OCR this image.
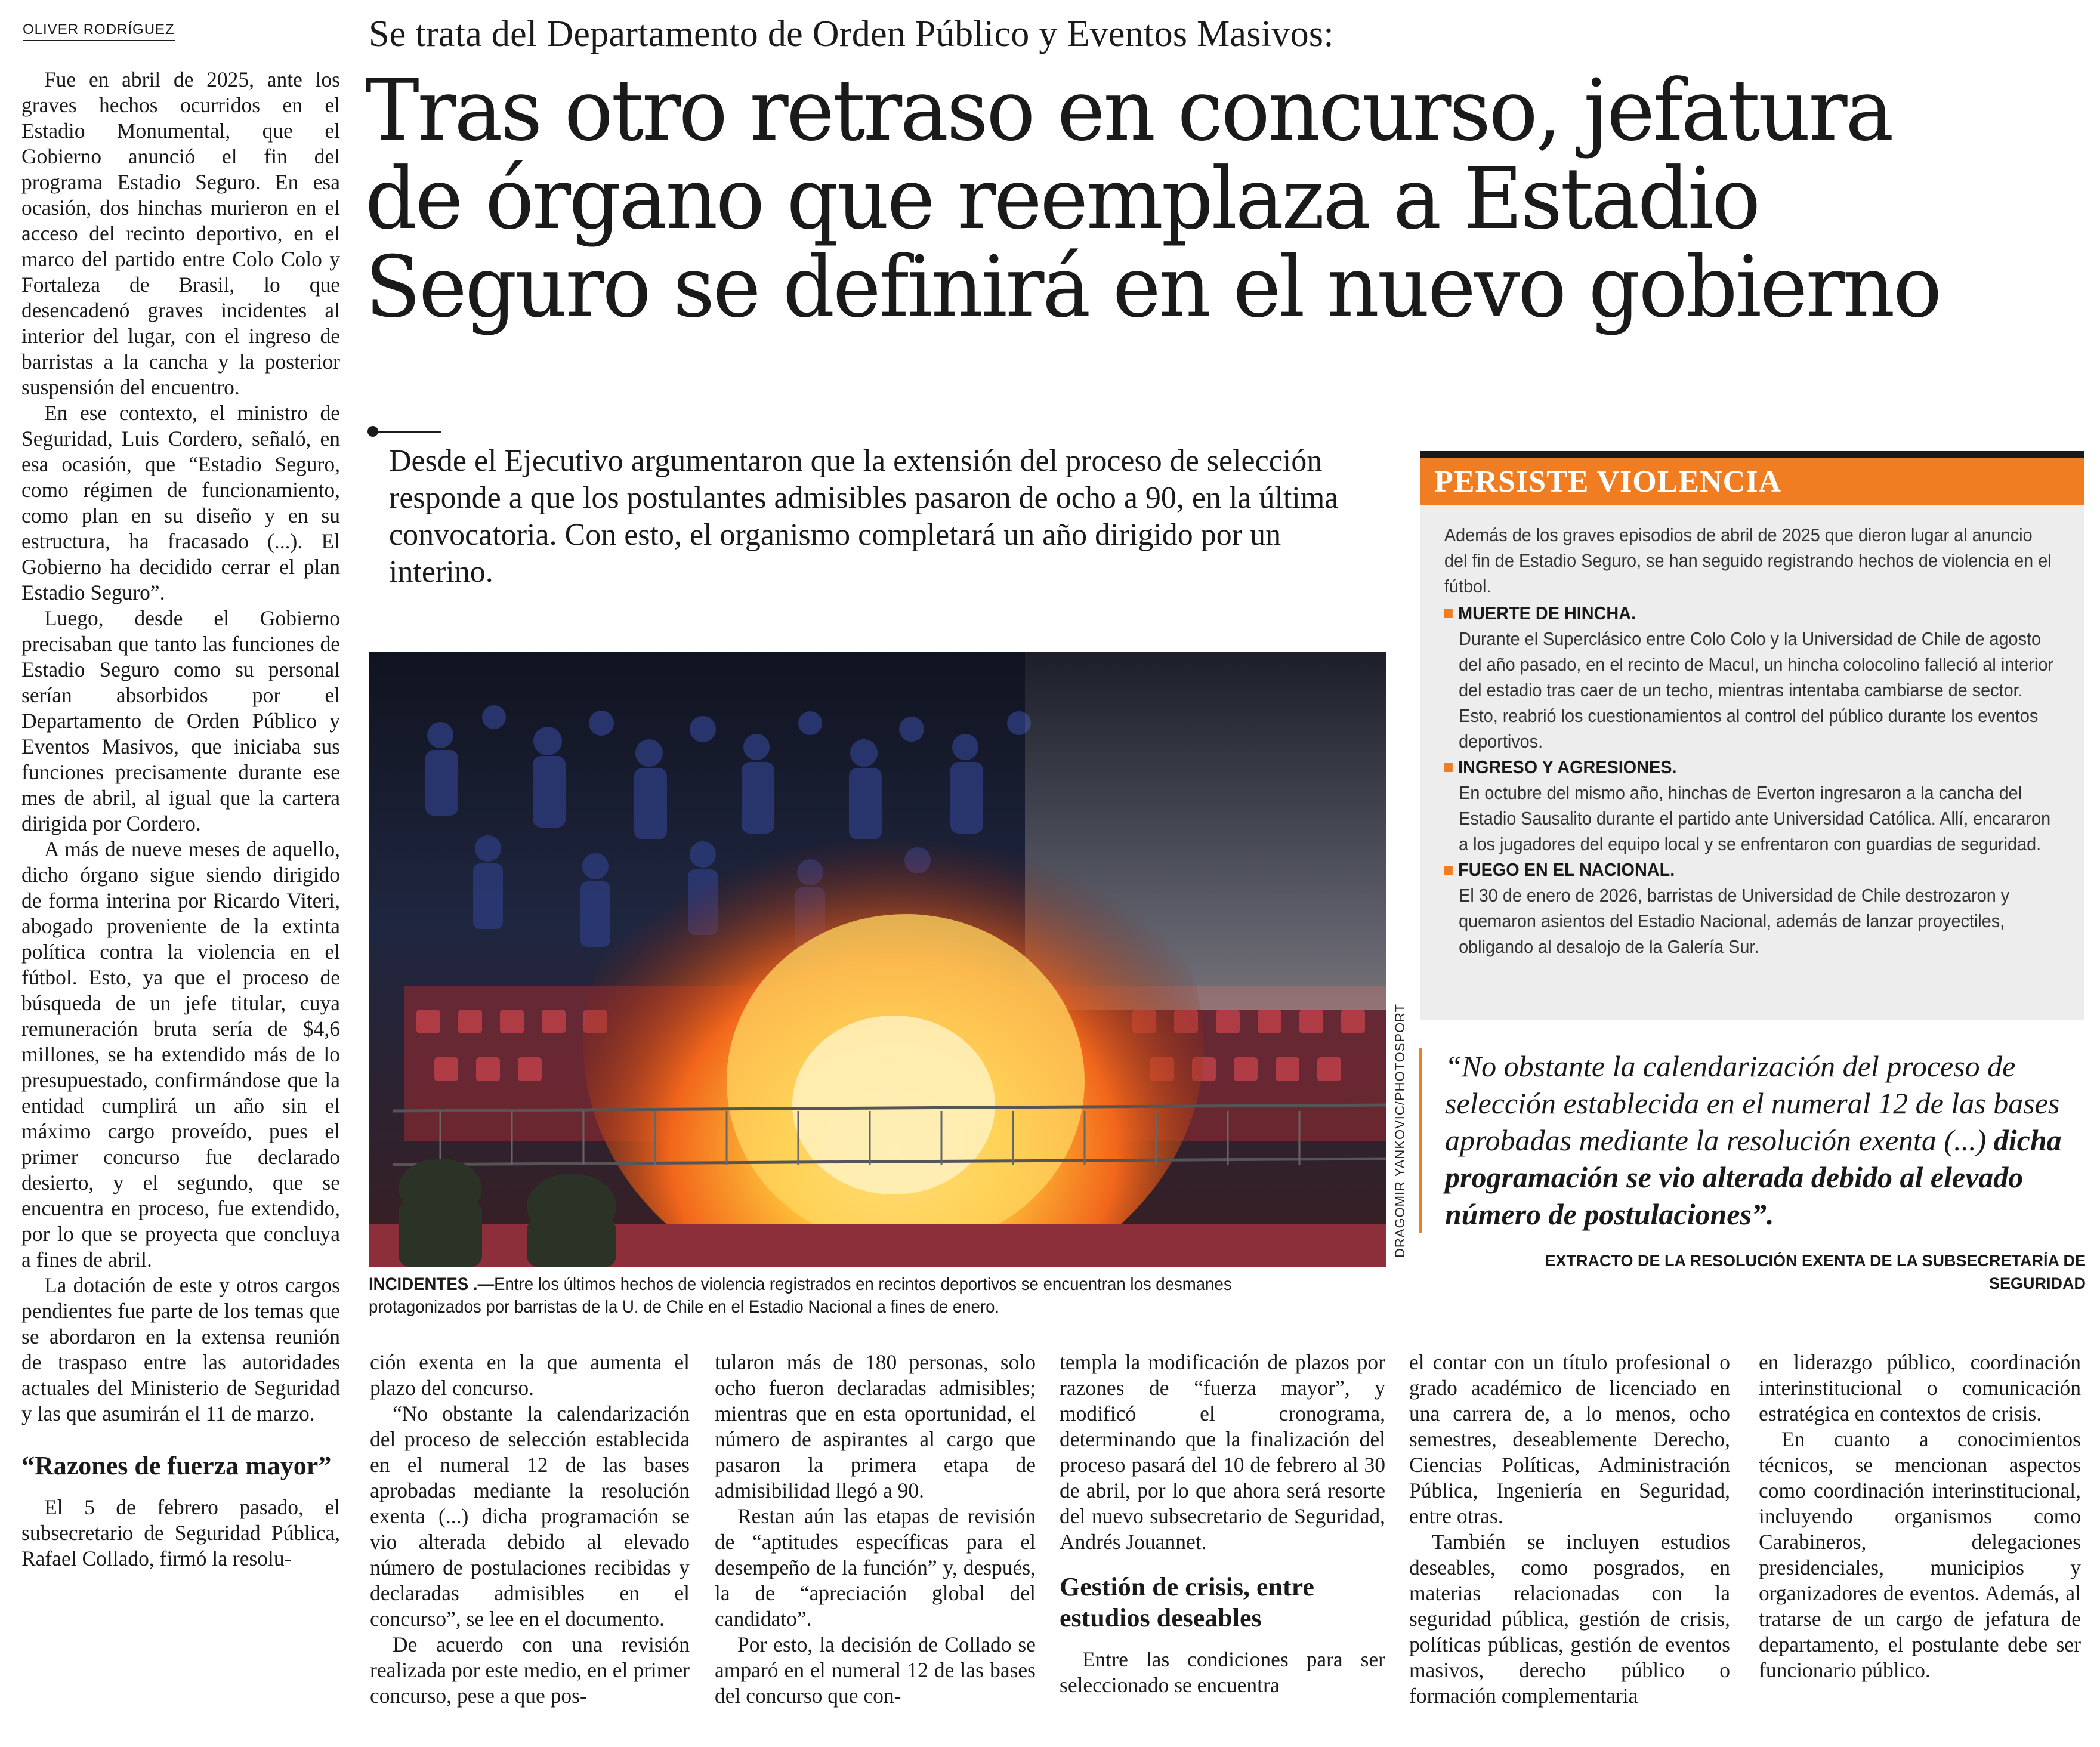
OLIVER RODRÍGUEZ	Se trata del Departamento de Orden Público y Eventos Masivos:
Tras otro retraso en concurso, jefatura
de órgano que reemplaza a Estadio
Seguro se definirá en el nuevo gobierno
Desde el Ejecutivo argumentaron que la extensión del proceso de selección responde a que los postulantes admisibles pasaron de ocho a 90, en la última convocatoria. Con esto, el organismo completará un año dirigido por un interino.

Fue en abril de 2025, ante los graves hechos ocurridos en el Estadio Monumental, que el Gobierno anunció el fin del programa Estadio Seguro. En esa ocasión, dos hinchas murieron en el acceso del recinto deportivo, en el marco del partido entre Colo Colo y Fortaleza de Brasil, lo que desencadenó graves incidentes al interior del lugar, con el ingreso de barristas a la cancha y la posterior suspensión del encuentro.

En ese contexto, el ministro de Seguridad, Luis Cordero, señaló, en esa ocasión, que “Estadio Seguro, como régimen de funcionamiento, como plan en su diseño y en su estructura, ha fracasado (...). El Gobierno ha decidido cerrar el plan Estadio Seguro”.

Luego, desde el Gobierno precisaban que tanto las funciones de Estadio Seguro como su personal serían absorbidos por el Departamento de Orden Público y Eventos Masivos, que iniciaba sus funciones precisamente durante ese mes de abril, al igual que la cartera dirigida por Cordero.

A más de nueve meses de aquello, dicho órgano sigue siendo dirigido de forma interina por Ricardo Viteri, abogado proveniente de la extinta política contra la violencia en el fútbol. Esto, ya que el proceso de búsqueda de un jefe titular, cuya remuneración bruta sería de $4,6 millones, se ha extendido más de lo presupuestado, confirmándose que la entidad cumplirá un año sin el máximo cargo proveído, pues el primer concurso fue declarado desierto, y el segundo, que se encuentra en proceso, fue extendido, por lo que se proyecta que concluya a fines de abril.

La dotación de este y otros cargos pendientes fue parte de los temas que se abordaron en la extensa reunión de traspaso entre las autoridades actuales del Ministerio de Seguridad y las que asumirán el 11 de marzo.

“Razones de fuerza mayor”

El 5 de febrero pasado, el subsecretario de Seguridad Pública, Rafael Collado, firmó la resolu-

DRAGOMIR YANKOVIC/PHOTOSPORT
INCIDENTES .—Entre los últimos hechos de violencia registrados en recintos deportivos se encuentran los desmanes protagonizados por barristas de la U. de Chile en el Estadio Nacional a fines de enero.
PERSISTE VIOLENCIA
Además de los graves episodios de abril de 2025 que dieron lugar al anuncio del fin de Estadio Seguro, se han seguido registrando hechos de violencia en el fútbol.
MUERTE DE HINCHA.
Durante el Superclásico entre Colo Colo y la Universidad de Chile de agosto del año pasado, en el recinto de Macul, un hincha colocolino falleció al interior del estadio tras caer de un techo, mientras intentaba cambiarse de sector. Esto, reabrió los cuestionamientos al control del público durante los eventos deportivos.
INGRESO Y AGRESIONES.
En octubre del mismo año, hinchas de Everton ingresaron a la cancha del Estadio Sausalito durante el partido ante Universidad Católica. Allí, encararon a los jugadores del equipo local y se enfrentaron con guardias de seguridad.
FUEGO EN EL NACIONAL.
El 30 de enero de 2026, barristas de Universidad de Chile destrozaron y quemaron asientos del Estadio Nacional, además de lanzar proyectiles, obligando al desalojo de la Galería Sur.
“No obstante la calendarización del proceso de selección establecida en el numeral 12 de las bases aprobadas mediante la resolución exenta (...) dicha programación se vio alterada debido al elevado número de postulaciones”.
EXTRACTO DE LA RESOLUCIÓN EXENTA DE LA SUBSECRETARÍA DE SEGURIDAD

ción exenta en la que aumenta el plazo del concurso.

“No obstante la calendarización del proceso de selección establecida en el numeral 12 de las bases aprobadas mediante la resolución exenta (...) dicha programación se vio alterada debido al elevado número de postulaciones recibidas y declaradas admisibles en el concurso”, se lee en el documento.

De acuerdo con una revisión realizada por este medio, en el primer concurso, pese a que pos-

tularon más de 180 personas, solo ocho fueron declaradas admisibles; mientras que en esta oportunidad, el número de aspirantes al cargo que pasaron la primera etapa de admisibilidad llegó a 90.

Restan aún las etapas de revisión de “aptitudes específicas para el desempeño de la función” y, después, la de “apreciación global del candidato”.

Por esto, la decisión de Collado se amparó en el numeral 12 de las bases del concurso que con-

templa la modificación de plazos por razones de “fuerza mayor”, y modificó el cronograma, determinando que la finalización del proceso pasará del 10 de febrero al 30 de abril, por lo que ahora será resorte del nuevo subsecretario de Seguridad, Andrés Jouannet.

Gestión de crisis, entre estudios deseables

Entre las condiciones para ser seleccionado se encuentra

el contar con un título profesional o grado académico de licenciado en una carrera de, a lo menos, ocho semestres, deseablemente Derecho, Ciencias Políticas, Administración Pública, Ingeniería en Seguridad, entre otras.

También se incluyen estudios deseables, como posgrados, en materias relacionadas con la seguridad pública, gestión de crisis, políticas públicas, gestión de eventos masivos, derecho público o formación complementaria

en liderazgo público, coordinación interinstitucional o comunicación estratégica en contextos de crisis.

En cuanto a conocimientos técnicos, se mencionan aspectos como coordinación interinstitucional, incluyendo organismos como Carabineros, delegaciones presidenciales, municipios y organizadores de eventos. Además, al tratarse de un cargo de jefatura de departamento, el postulante debe ser funcionario público.
